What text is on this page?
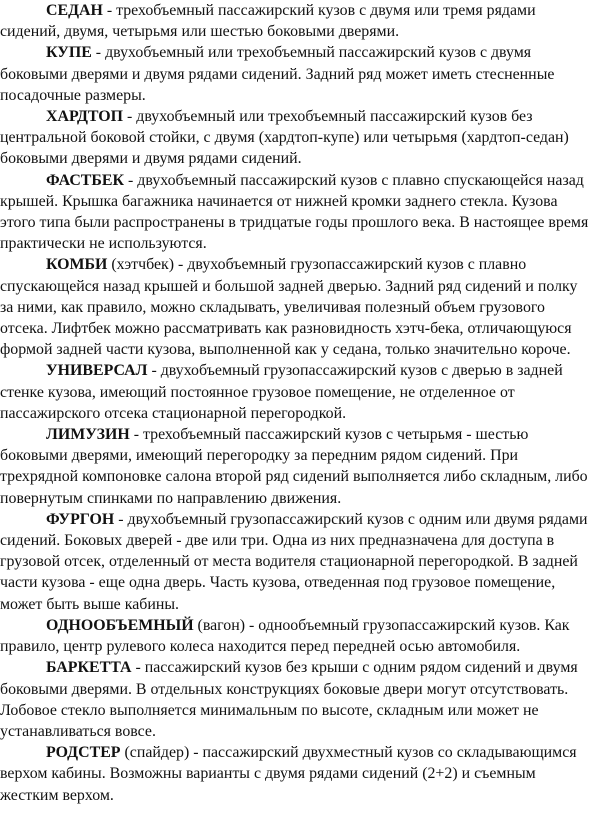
СЕДАН - трехобъемный пассажирский кузов с двумя или тремя рядами сидений, двумя, четырьмя или шестью боковыми дверями.

КУПЕ - двухобъемный или трехобъемный пассажирский кузов с двумя боковыми дверями и двумя рядами сидений. Задний ряд может иметь стесненные посадочные размеры.

ХАРДТОП - двухобъемный или трехобъемный пассажирский кузов без центральной боковой стойки, с двумя (хардтоп-купе) или четырьмя (хардтоп-седан) боковыми дверями и двумя рядами сидений.

ФАСТБЕК - двухобъемный пассажирский кузов с плавно спускающейся назад крышей. Крышка багажника начинается от нижней кромки заднего стекла. Кузова этого типа были распространены в тридцатые годы прошлого века. В настоящее время практически не используются.

КОМБИ (хэтчбек) - двухобъемный грузопассажирский кузов с плавно спускающейся назад крышей и большой задней дверью. Задний ряд сидений и полку за ними, как правило, можно складывать, увеличивая полезный объем грузового отсека. Лифтбек можно рассматривать как разновидность хэтч-бека, отличающуюся формой задней части кузова, выполненной как у седана, только значительно короче.

УНИВЕРСАЛ - двухобъемный грузопассажирский кузов с дверью в задней стенке кузова, имеющий постоянное грузовое помещение, не отделенное от пассажирского отсека стационарной перегородкой.

ЛИМУЗИН - трехобъемный пассажирский кузов с четырьмя - шестью боковыми дверями, имеющий перегородку за передним рядом сидений. При трехрядной компоновке салона второй ряд сидений выполняется либо складным, либо повернутым спинками по направлению движения.

ФУРГОН - двухобъемный грузопассажирский кузов с одним или двумя рядами сидений. Боковых дверей - две или три. Одна из них предназначена для доступа в грузовой отсек, отделенный от места водителя стационарной перегородкой. В задней части кузова - еще одна дверь. Часть кузова, отведенная под грузовое помещение, может быть выше кабины.

ОДНООБЪЕМНЫЙ (вагон) - однообъемный грузопассажирский кузов. Как правило, центр рулевого колеса находится перед передней осью автомобиля.

БАРКЕТТА - пассажирский кузов без крыши с одним рядом сидений и двумя боковыми дверями. В отдельных конструкциях боковые двери могут отсутствовать. Лобовое стекло выполняется минимальным по высоте, складным или может не устанавливаться вовсе.

РОДСТЕР (спайдер) - пассажирский двухместный кузов со складывающимся верхом кабины. Возможны варианты с двумя рядами сидений (2+2) и съемным жестким верхом.
